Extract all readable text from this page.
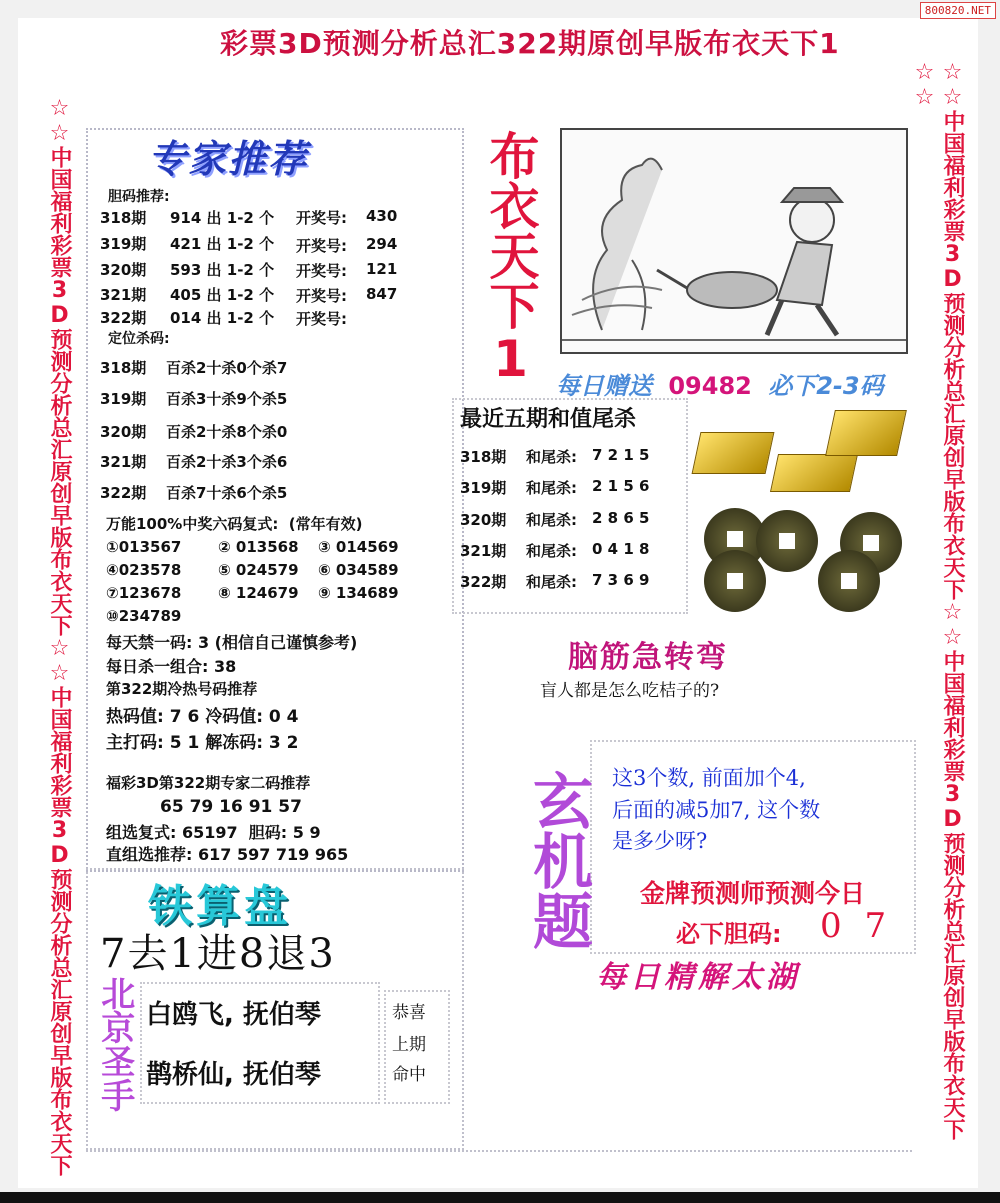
800820.NET
彩票3D预测分析总汇322期原创早版布衣天下1
☆☆中国福利彩票3D预测分析总汇原创早版布衣天下☆☆中国福利彩票3D预测分析总汇原创早版布衣天下	☆☆中国福利彩票3D预测分析总汇原创早版布衣天下☆☆中国福利彩票3D预测分析总汇原创早版布衣天下☆☆
专家推荐
胆码推荐:
318期 914 出 1-2 个 开奖号: 430
319期 421 出 1-2 个 开奖号: 294
320期 593 出 1-2 个 开奖号: 121
321期 405 出 1-2 个 开奖号: 847
322期 014 出 1-2 个 开奖号:
定位杀码:
318期 百杀2十杀0个杀7
319期 百杀3十杀9个杀5
320期 百杀2十杀8个杀0
321期 百杀2十杀3个杀6
322期 百杀7十杀6个杀5
万能100%中奖六码复式:  (常年有效)
①013567 ② 013568 ③ 014569
④023578 ⑤ 024579 ⑥ 034589
⑦123678 ⑧ 124679 ⑨ 134689
⑩234789
每天禁一码: 3 (相信自己谨慎参考)
每日杀一组合: 38
第322期冷热号码推荐
热码值: 7 6 冷码值: 0 4
主打码: 5 1 解冻码: 3 2
福彩3D第322期专家二码推荐
65 79 16 91 57
组选复式: 65197  胆码: 5 9
直组选推荐: 617 597 719 965
布衣天下1 每日赠送 09482 必下2-3码
最近五期和值尾杀
318期 和尾杀: 7 2 1 5
319期 和尾杀: 2 1 5 6
320期 和尾杀: 2 8 6 5
321期 和尾杀: 0 4 1 8
322期 和尾杀: 7 3 6 9
脑筋急转弯
盲人都是怎么吃桔子的?
玄机题 这3个数, 前面加个4,
后面的减5加7, 这个数
是多少呀?
金牌预测师预测今日
必下胆码: 0 7
每日精解太湖
铁算盘
7去1进8退3
北京圣手 白鸥飞, 抚伯琴
鹊桥仙, 抚伯琴
恭喜
上期
命中
